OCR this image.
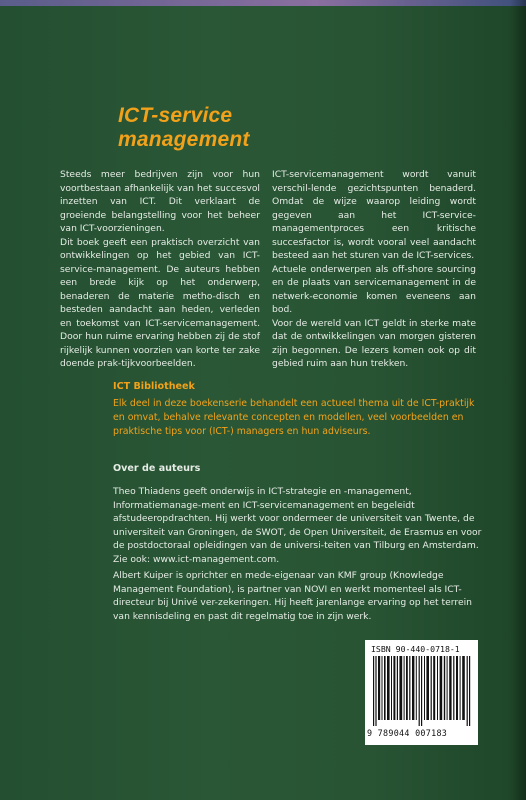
ICT-service
management

Steeds meer bedrijven zijn voor hun voortbestaan afhankelijk van het succesvol inzetten van ICT. Dit verklaart de groeiende belangstelling voor het beheer van ICT-voorzieningen.

Dit boek geeft een praktisch overzicht van ontwikkelingen op het gebied van ICT-service-management. De auteurs hebben een brede kijk op het onderwerp, benaderen de materie metho-disch en besteden aandacht aan heden, verleden en toekomst van ICT-servicemanagement. Door hun ruime ervaring hebben zij de stof rijkelijk kunnen voorzien van korte ter zake doende prak-tijkvoorbeelden.

ICT-servicemanagement wordt vanuit verschil-lende gezichtspunten benaderd. Omdat de wijze waarop leiding wordt gegeven aan het ICT-service-managementproces een kritische succesfactor is, wordt vooral veel aandacht besteed aan het sturen van de ICT-services.

Actuele onderwerpen als off-shore sourcing en de plaats van servicemanagement in de netwerk-economie komen eveneens aan bod.

Voor de wereld van ICT geldt in sterke mate dat de ontwikkelingen van morgen gisteren zijn begonnen. De lezers komen ook op dit gebied ruim aan hun trekken.

ICT Bibliotheek
Elk deel in deze boekenserie behandelt een actueel thema uit de ICT-praktijk en omvat, behalve relevante concepten en modellen, veel voorbeelden en praktische tips voor (ICT-) managers en hun adviseurs.
Over de auteurs

Theo Thiadens geeft onderwijs in ICT-strategie en -management, Informatiemanage-ment en ICT-servicemanagement en begeleidt afstudeeropdrachten. Hij werkt voor ondermeer de universiteit van Twente, de universiteit van Groningen, de SWOT, de Open Universiteit, de Erasmus en voor de postdoctoraal opleidingen van de universi-teiten van Tilburg en Amsterdam. Zie ook: www.ict-management.com.

Albert Kuiper is oprichter en mede-eigenaar van KMF group (Knowledge Management Foundation), is partner van NOVI en werkt momenteel als ICT-directeur bij Univé ver-zekeringen. Hij heeft jarenlange ervaring op het terrein van kennisdeling en past dit regelmatig toe in zijn werk.

ISBN 90-440-0718-1
9 789044 007183
